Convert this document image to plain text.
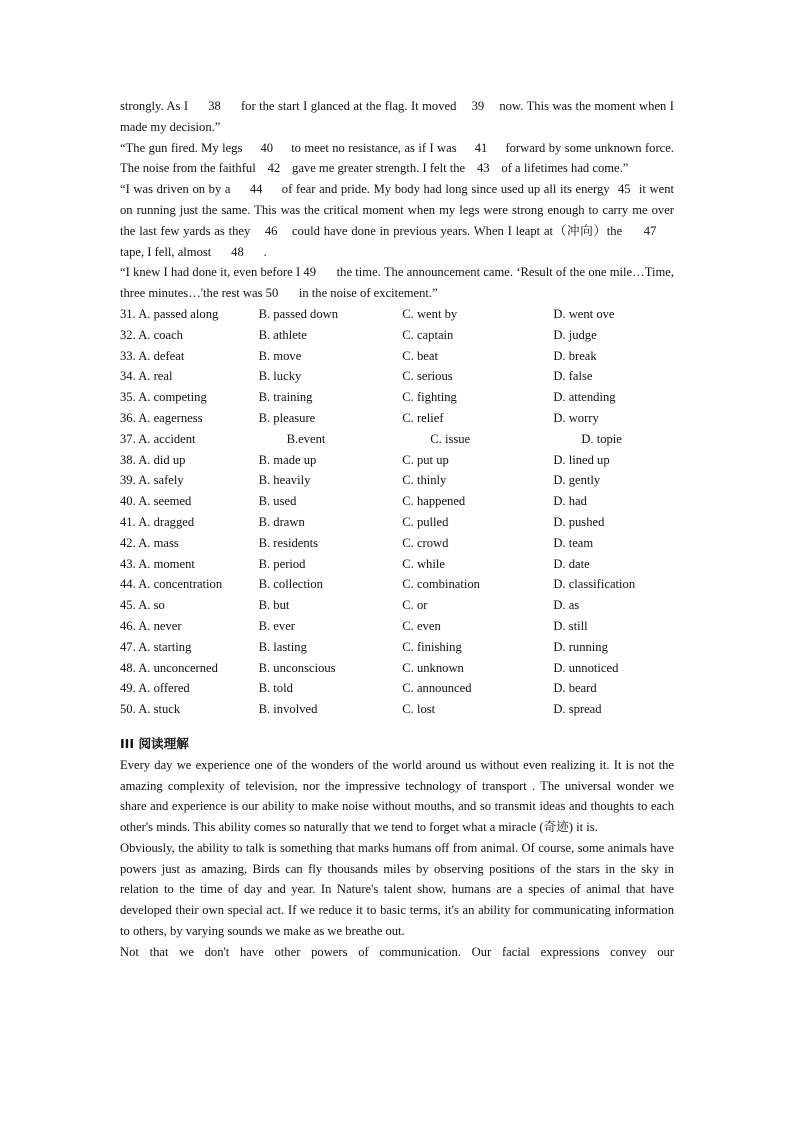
strongly. As I 38 for the start I glanced at the flag. It moved 39 now. This was the moment when I made my decision.”

“The gun fired. My legs 40 to meet no resistance, as if I was 41 forward by some unknown force. The noise from the faithful 42 gave me greater strength. I felt the 43 of a lifetimes had come.”

“I was driven on by a 44 of fear and pride. My body had long since used up all its energy 45 it went on running just the same. This was the critical moment when my legs were strong enough to carry me over the last few yards as they 46 could have done in previous years. When I leapt at（冲向）the 47 tape, I fell, almost 48 .

“I knew I had done it, even before I 49 the time. The announcement came. ‘Result of the one mile…Time, three minutes…'the rest was 50 in the noise of excitement.”

31. A. passed along	B. passed down	C. went by	D. went ove
32. A. coach	B. athlete	C. captain	D. judge
33. A. defeat	B. move	C. beat	D. break
34. A. real	B. lucky	C. serious	D. false
35. A. competing	B. training	C. fighting	D. attending
36. A. eagerness	B. pleasure	C. relief	D. worry
37. A. accident	B.event	C. issue	D. topie
38. A. did up	B. made up	C. put up	D. lined up
39. A. safely	B. heavily	C. thinly	D. gently
40. A. seemed	B. used	C. happened	D. had
41. A. dragged	B. drawn	C. pulled	D. pushed
42. A. mass	B. residents	C. crowd	D. team
43. A. moment	B. period	C. while	D. date
44. A. concentration	B. collection	C. combination	D. classification
45. A. so	B. but	C. or	D. as
46. A. never	B. ever	C. even	D. still
47. A. starting	B. lasting	C. finishing	D. running
48. A. unconcerned	B. unconscious	C. unknown	D. unnoticed
49. A. offered	B. told	C. announced	D. beard
50. A. stuck	B. involved	C. lost	D. spread
III 阅读理解

Every day we experience one of the wonders of the world around us without even realizing it. It is not the amazing complexity of television, nor the impressive technology of transport . The universal wonder we share and experience is our ability to make noise without mouths, and so transmit ideas and thoughts to each other's minds. This ability comes so naturally that we tend to forget what a miracle (奇迹) it is.

Obviously, the ability to talk is something that marks humans off from animal. Of course, some animals have powers just as amazing, Birds can fly thousands miles by observing positions of the stars in the sky in relation to the time of day and year. In Nature's talent show, humans are a species of animal that have developed their own special act. If we reduce it to basic terms, it's an ability for communicating information to others, by varying sounds we make as we breathe out.

Not that we don't have other powers of communication. Our facial expressions convey our
